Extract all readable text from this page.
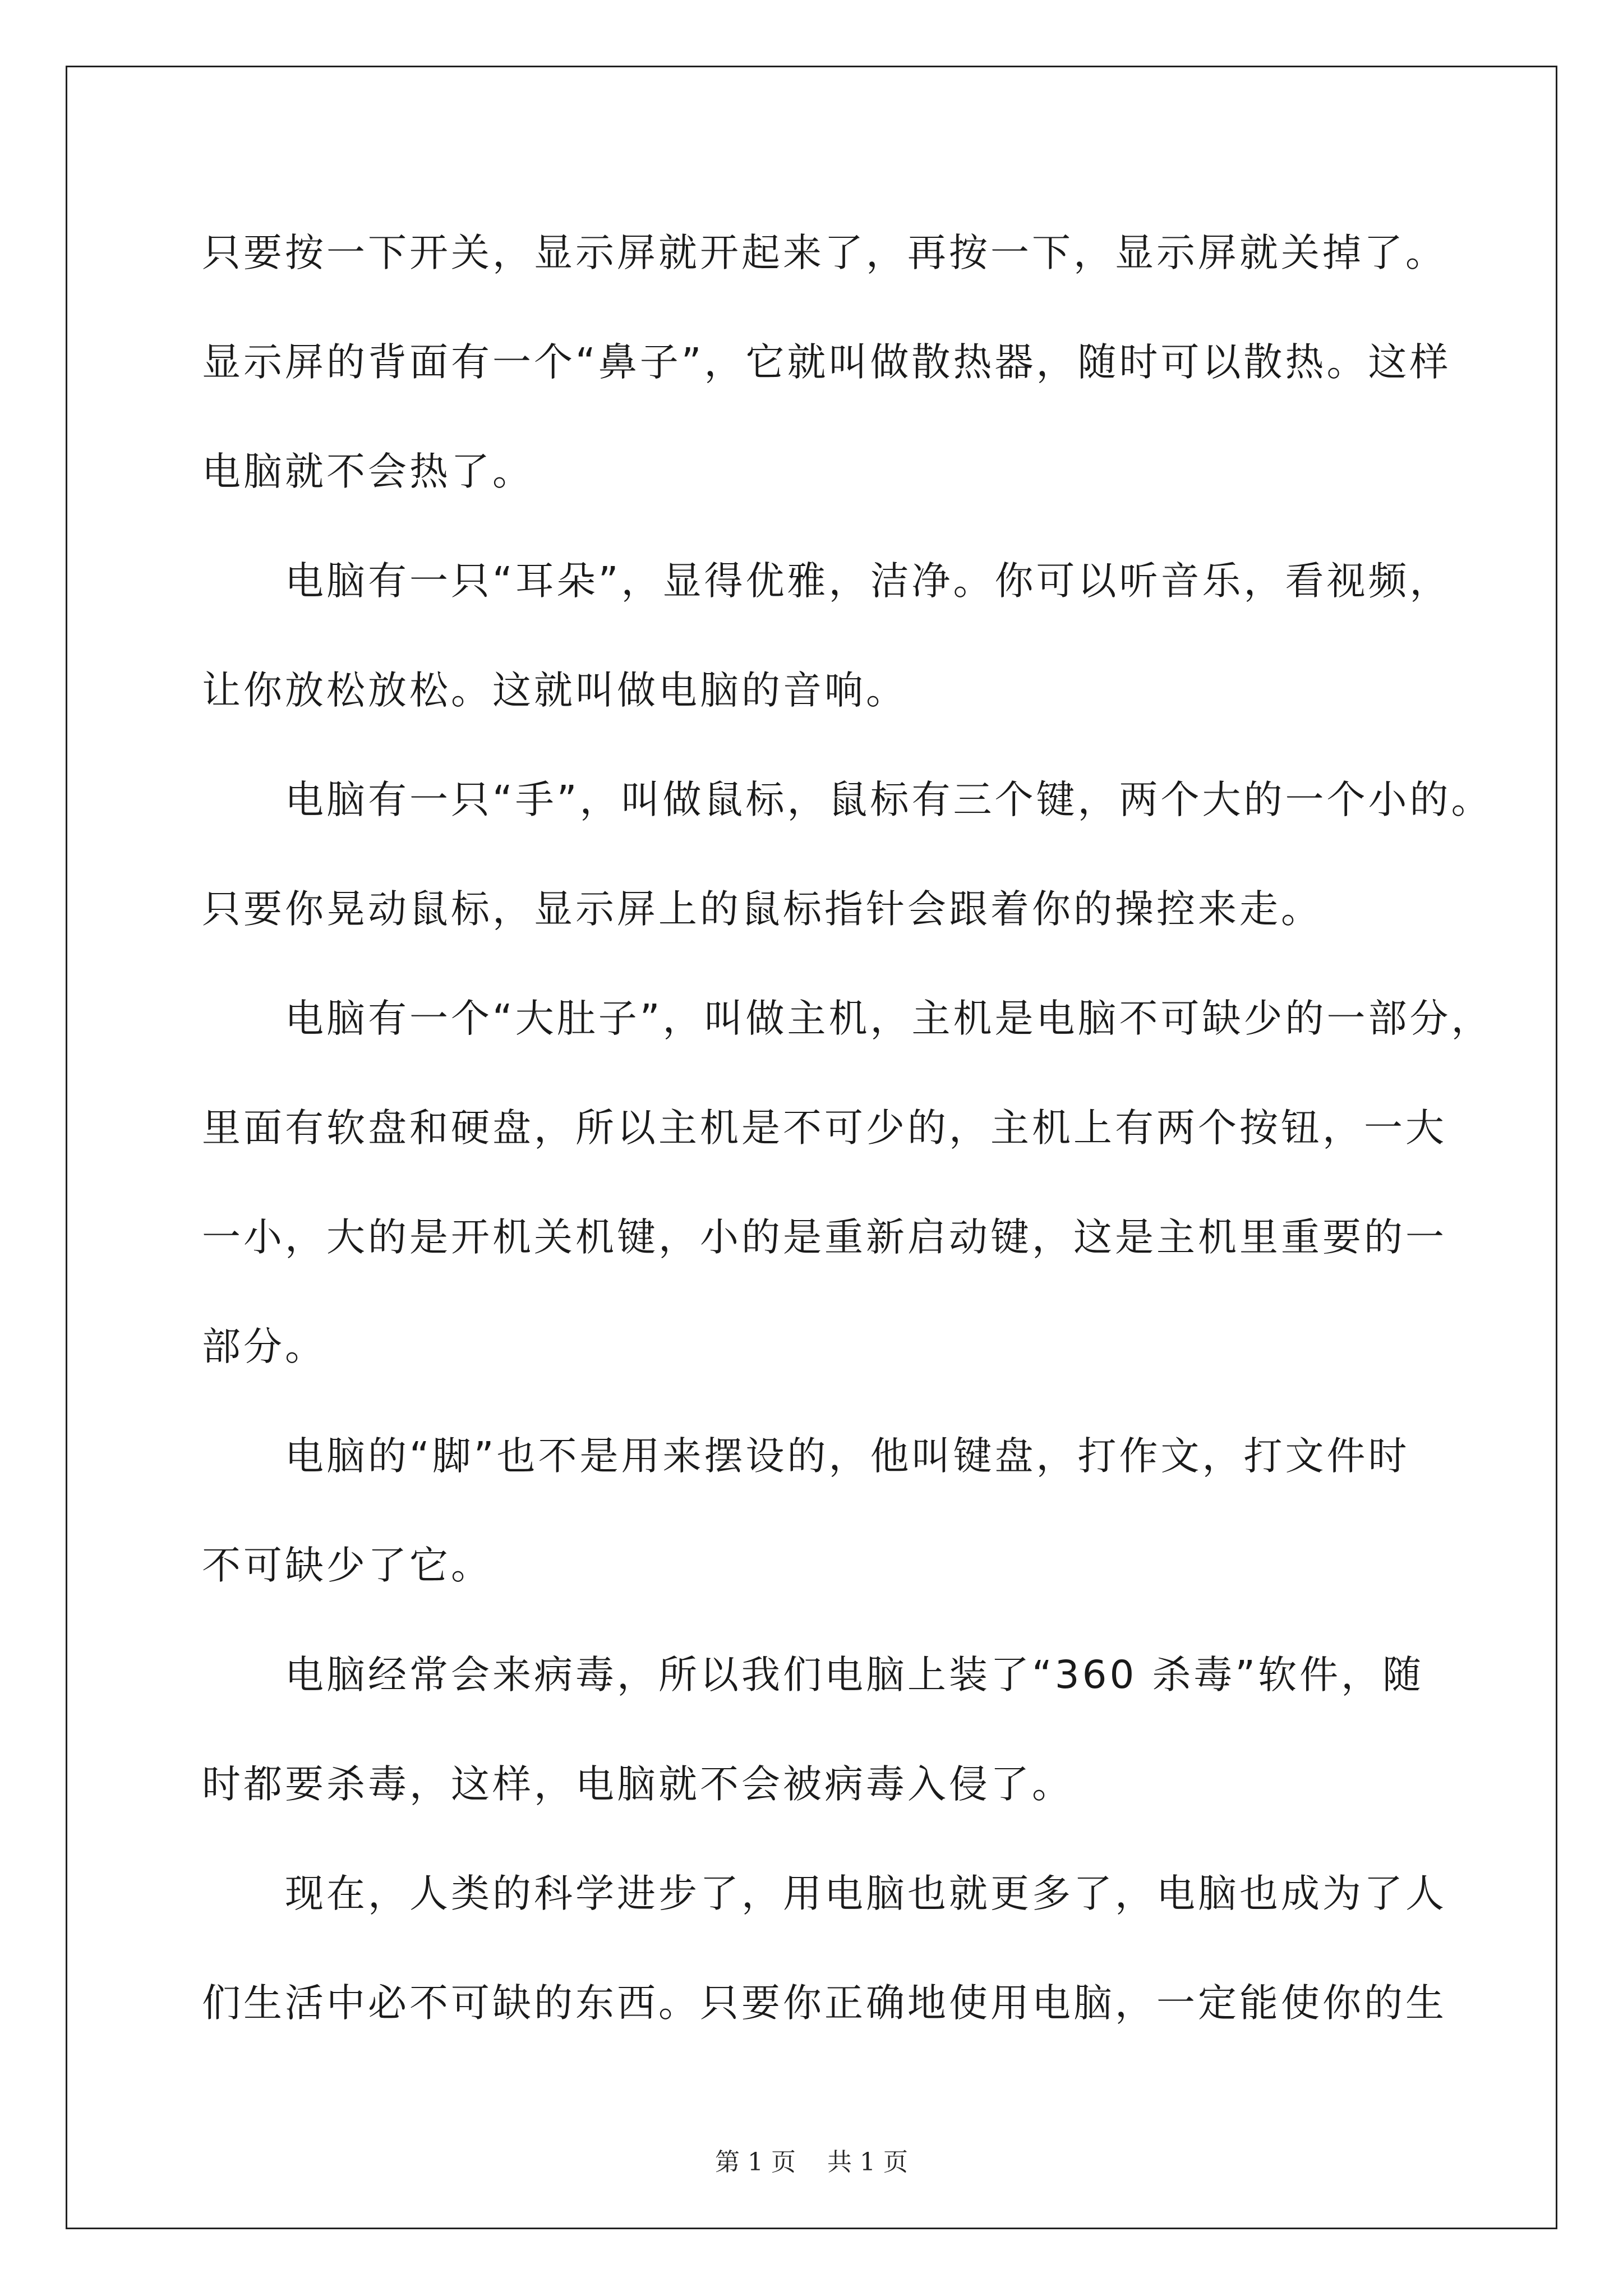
只要按一下开关，显示屏就开起来了，再按一下，显示屏就关掉了。
显示屏的背面有一个“鼻子”，它就叫做散热器，随时可以散热。这样
电脑就不会热了。
　　电脑有一只“耳朵”，显得优雅，洁净。你可以听音乐，看视频，
让你放松放松。这就叫做电脑的音响。
　　电脑有一只“手”，叫做鼠标，鼠标有三个键，两个大的一个小的。
只要你晃动鼠标，显示屏上的鼠标指针会跟着你的操控来走。
　　电脑有一个“大肚子”，叫做主机，主机是电脑不可缺少的一部分，
里面有软盘和硬盘，所以主机是不可少的，主机上有两个按钮，一大
一小，大的是开机关机键，小的是重新启动键，这是主机里重要的一
部分。
　　电脑的“脚”也不是用来摆设的，他叫键盘，打作文，打文件时
不可缺少了它。
　　电脑经常会来病毒，所以我们电脑上装了“360 杀毒”软件，随
时都要杀毒，这样，电脑就不会被病毒入侵了。
　　现在，人类的科学进步了，用电脑也就更多了，电脑也成为了人
们生活中必不可缺的东西。只要你正确地使用电脑，一定能使你的生
第 1 页 共 1 页
